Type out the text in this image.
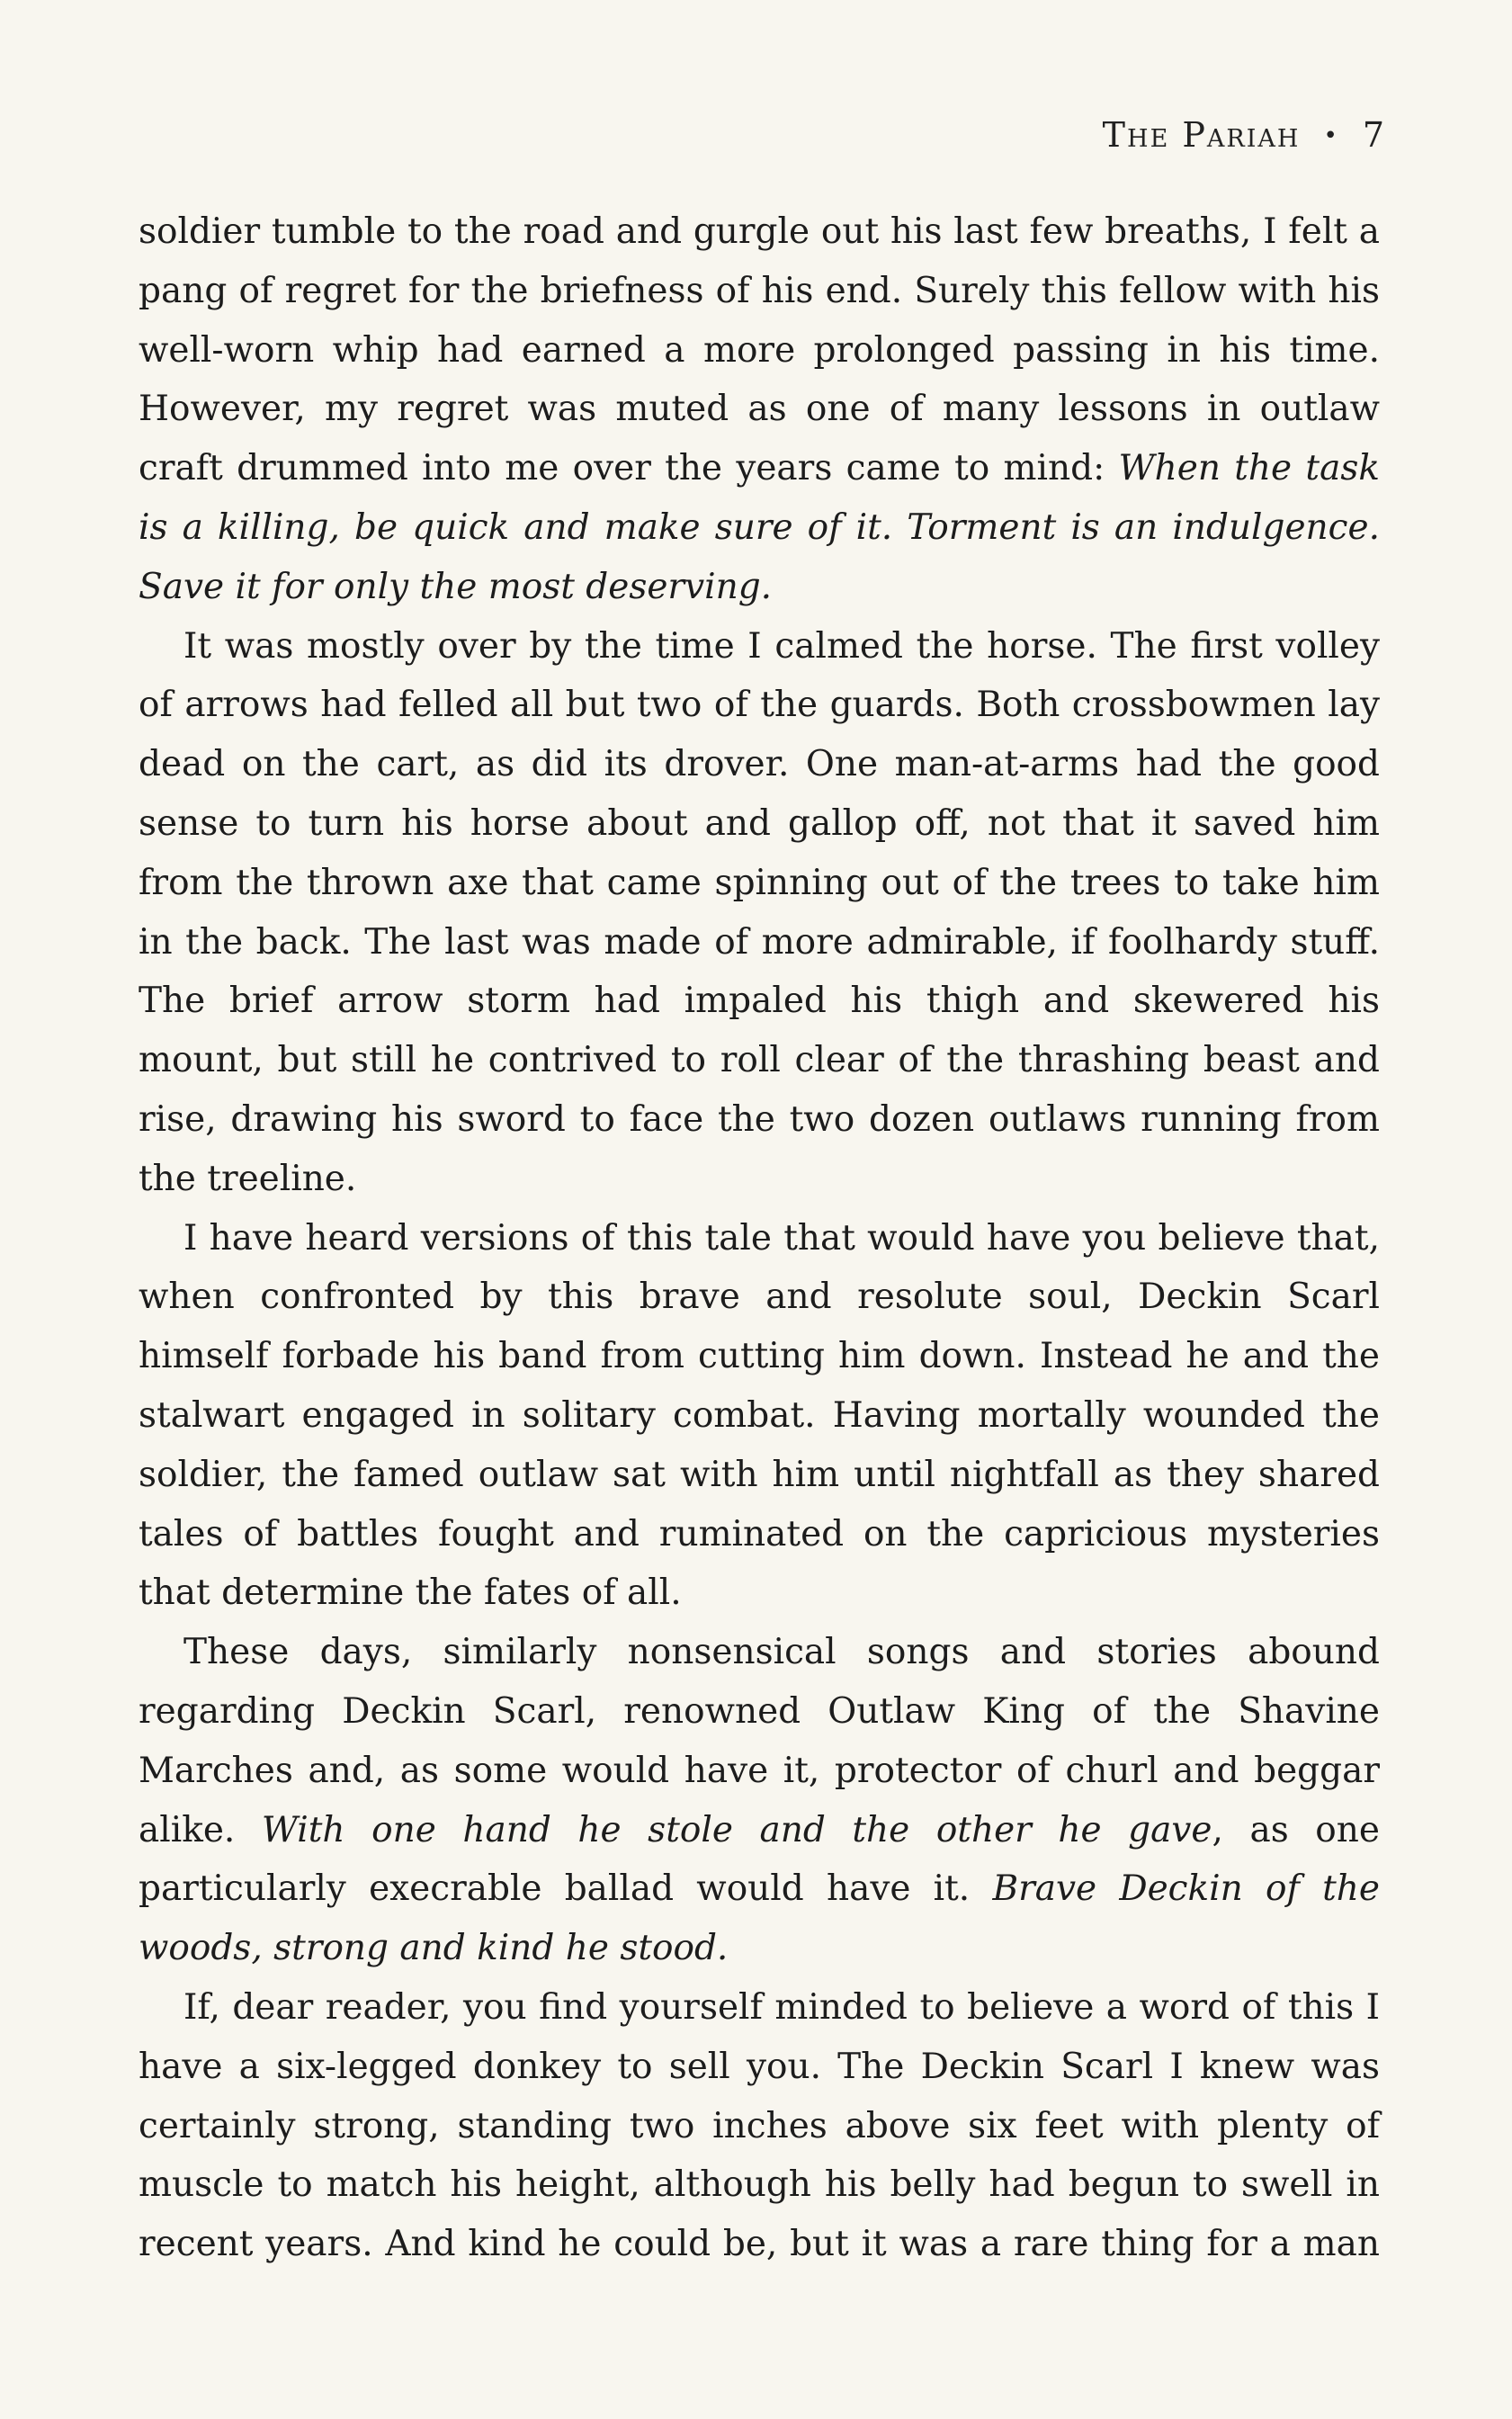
The Pariah • 7

soldier tumble to the road and gurgle out his last few breaths, I felt a pang of regret for the briefness of his end. Surely this fellow with his well-worn whip had earned a more prolonged passing in his time. However, my regret was muted as one of many lessons in outlaw craft drummed into me over the years came to mind: When the task is a killing, be quick and make sure of it. Torment is an indulgence. Save it for only the most deserving.

It was mostly over by the time I calmed the horse. The first volley of arrows had felled all but two of the guards. Both crossbowmen lay dead on the cart, as did its drover. One man-at-arms had the good sense to turn his horse about and gallop off, not that it saved him from the thrown axe that came spinning out of the trees to take him in the back. The last was made of more admirable, if foolhardy stuff. The brief arrow storm had impaled his thigh and skewered his mount, but still he contrived to roll clear of the thrashing beast and rise, drawing his sword to face the two dozen outlaws running from the treeline.

I have heard versions of this tale that would have you believe that, when confronted by this brave and resolute soul, Deckin Scarl himself forbade his band from cutting him down. Instead he and the stalwart engaged in solitary combat. Having mortally wounded the soldier, the famed outlaw sat with him until nightfall as they shared tales of battles fought and ruminated on the capricious mysteries that determine the fates of all.

These days, similarly nonsensical songs and stories abound regarding Deckin Scarl, renowned Outlaw King of the Shavine Marches and, as some would have it, protector of churl and beggar alike. With one hand he stole and the other he gave, as one particularly execrable ballad would have it. Brave Deckin of the woods, strong and kind he stood.

If, dear reader, you find yourself minded to believe a word of this I have a six-legged donkey to sell you. The Deckin Scarl I knew was certainly strong, standing two inches above six feet with plenty of muscle to match his height, although his belly had begun to swell in recent years. And kind he could be, but it was a rare thing for a man
